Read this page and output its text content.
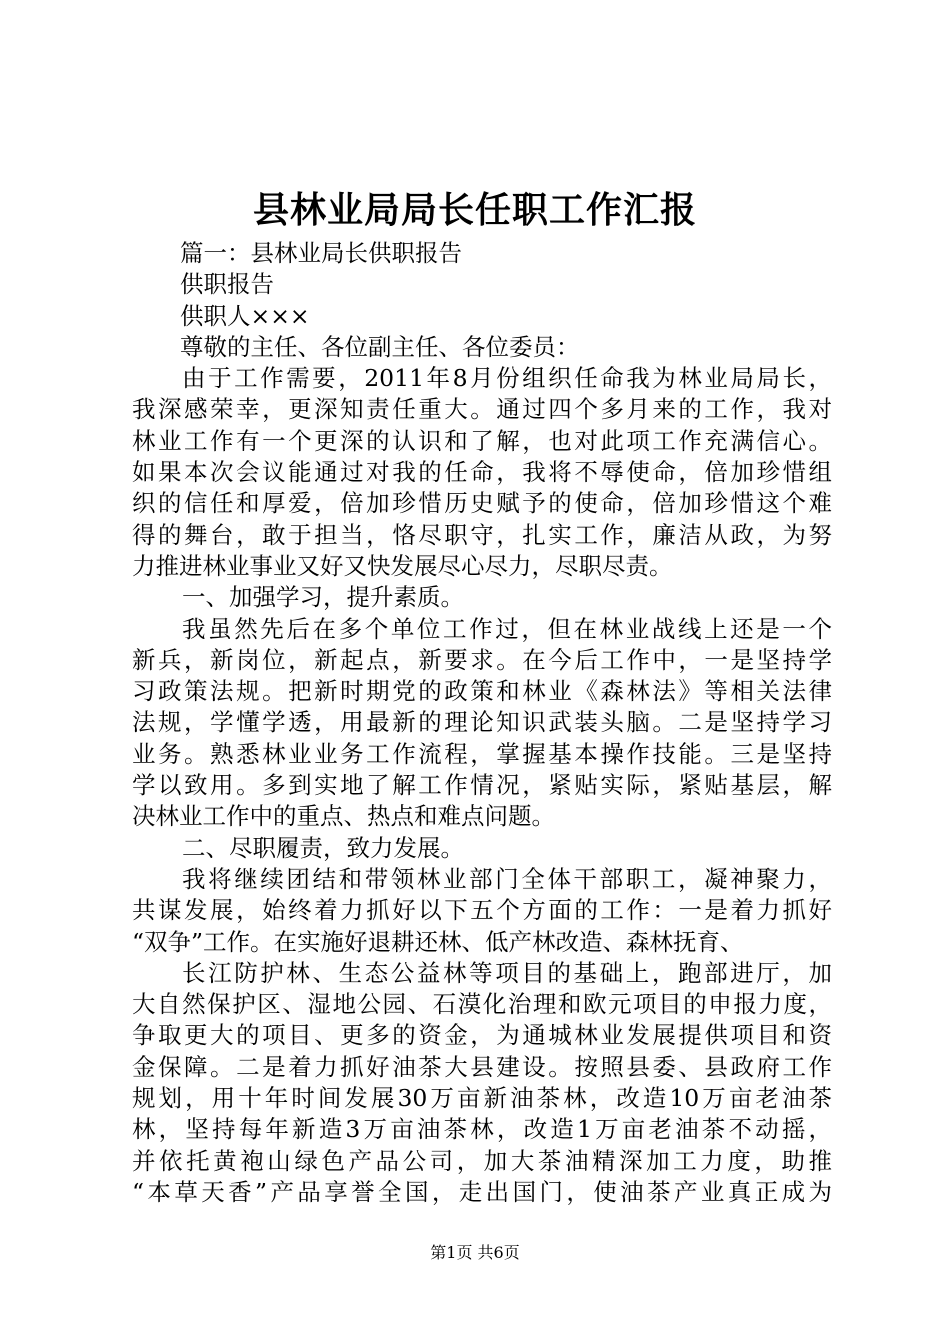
县林业局局长任职工作汇报
篇一：县林业局长供职报告
供职报告
供职人×××
尊敬的主任、各位副主任、各位委员：
由于工作需要，2011年8月份组织任命我为林业局局长，
我深感荣幸，更深知责任重大。通过四个多月来的工作，我对
林业工作有一个更深的认识和了解，也对此项工作充满信心。
如果本次会议能通过对我的任命，我将不辱使命，倍加珍惜组
织的信任和厚爱，倍加珍惜历史赋予的使命，倍加珍惜这个难
得的舞台，敢于担当，恪尽职守，扎实工作，廉洁从政，为努
力推进林业事业又好又快发展尽心尽力，尽职尽责。
一、加强学习，提升素质。
我虽然先后在多个单位工作过，但在林业战线上还是一个
新兵，新岗位，新起点，新要求。在今后工作中，一是坚持学
习政策法规。把新时期党的政策和林业《森林法》等相关法律
法规，学懂学透，用最新的理论知识武装头脑。二是坚持学习
业务。熟悉林业业务工作流程，掌握基本操作技能。三是坚持
学以致用。多到实地了解工作情况，紧贴实际，紧贴基层，解
决林业工作中的重点、热点和难点问题。
二、尽职履责，致力发展。
我将继续团结和带领林业部门全体干部职工，凝神聚力，
共谋发展，始终着力抓好以下五个方面的工作：一是着力抓好
“双争”工作。在实施好退耕还林、低产林改造、森林抚育、
长江防护林、生态公益林等项目的基础上，跑部进厅，加
大自然保护区、湿地公园、石漠化治理和欧元项目的申报力度，
争取更大的项目、更多的资金，为通城林业发展提供项目和资
金保障。二是着力抓好油茶大县建设。按照县委、县政府工作
规划，用十年时间发展30万亩新油茶林，改造10万亩老油茶
林，坚持每年新造3万亩油茶林，改造1万亩老油茶不动摇，
并依托黄袍山绿色产品公司，加大茶油精深加工力度，助推
“本草天香”产品享誉全国，走出国门，使油茶产业真正成为
第1页 共6页
